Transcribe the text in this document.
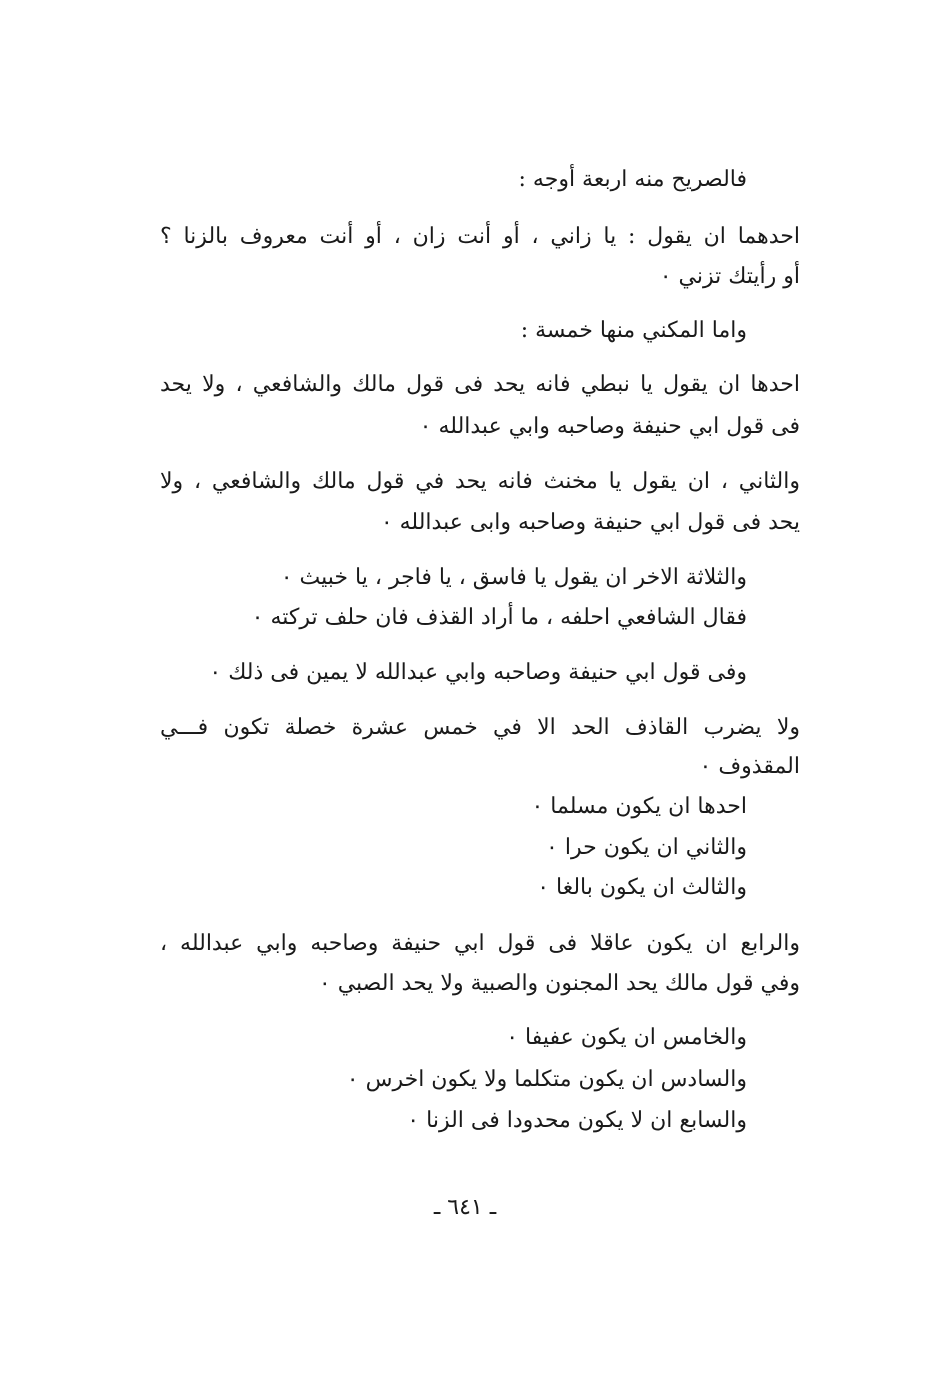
فالصريح منه اربعة أوجه :

احدهما ان يقول : يا زاني ، أو أنت زان ، أو أنت معروف بالزنا ؟

أو رأيتك تزني ٠

واما المكني منها خمسة :

احدها ان يقول يا نبطي فانه يحد فى قول مالك والشافعي ، ولا يحد

فى قول ابي حنيفة وصاحبه وابي عبدالله ٠

والثاني ، ان يقول يا مخنث فانه يحد في قول مالك والشافعي ، ولا

يحد فى قول ابي حنيفة وصاحبه وابى عبدالله ٠

والثلاثة الاخر ان يقول يا فاسق ، يا فاجر ، يا خبيث ٠

فقال الشافعي احلفه ، ما أراد القذف فان حلف تركته ٠

وفى قول ابي حنيفة وصاحبه وابي عبدالله لا يمين فى ذلك ٠

ولا يضرب القاذف الحد الا في خمس عشرة خصلة تكون فـــي

المقذوف ٠

احدها ان يكون مسلما ٠

والثاني ان يكون حرا ٠

والثالث ان يكون بالغا ٠

والرابع ان يكون عاقلا فى قول ابي حنيفة وصاحبه وابي عبدالله ،

وفي قول مالك يحد المجنون والصبية ولا يحد الصبي ٠

والخامس ان يكون عفيفا ٠

والسادس ان يكون متكلما ولا يكون اخرس ٠

والسابع ان لا يكون محدودا فى الزنا ٠

ـ ٦٤١ ـ
